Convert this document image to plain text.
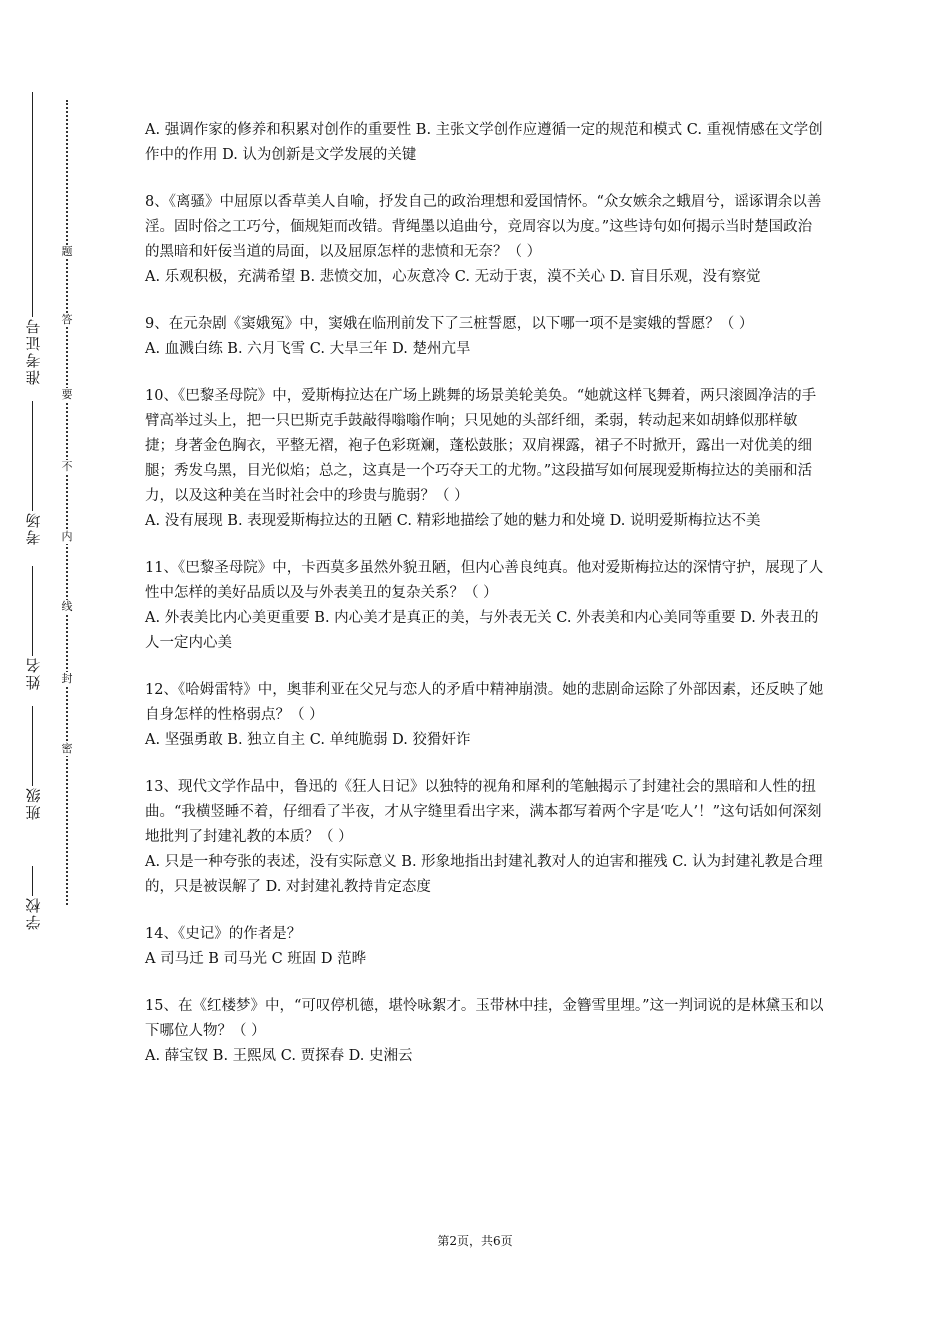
学校
班级
姓名
考场
准考证号
题
答
要
不
内
线
封
密

A. 强调作家的修养和积累对创作的重要性 B. 主张文学创作应遵循一定的规范和模式 C. 重视情感在文学创作中的作用 D. 认为创新是文学发展的关键

8、《离骚》中屈原以香草美人自喻，抒发自己的政治理想和爱国情怀。“众女嫉余之蛾眉兮，谣诼谓余以善淫。固时俗之工巧兮，偭规矩而改错。背绳墨以追曲兮，竞周容以为度。”这些诗句如何揭示当时楚国政治的黑暗和奸佞当道的局面，以及屈原怎样的悲愤和无奈？（ ）

A. 乐观积极，充满希望 B. 悲愤交加，心灰意冷 C. 无动于衷，漠不关心 D. 盲目乐观，没有察觉

9、在元杂剧《窦娥冤》中，窦娥在临刑前发下了三桩誓愿，以下哪一项不是窦娥的誓愿？（ ）

A. 血溅白练 B. 六月飞雪 C. 大旱三年 D. 楚州亢旱

10、《巴黎圣母院》中，爱斯梅拉达在广场上跳舞的场景美轮美奂。“她就这样飞舞着，两只滚圆净洁的手臂高举过头上，把一只巴斯克手鼓敲得嗡嗡作响；只见她的头部纤细，柔弱，转动起来如胡蜂似那样敏捷；身著金色胸衣，平整无褶，袍子色彩斑斓，蓬松鼓胀；双肩裸露，裙子不时掀开，露出一对优美的细腿；秀发乌黑，目光似焰；总之，这真是一个巧夺天工的尤物。”这段描写如何展现爱斯梅拉达的美丽和活力，以及这种美在当时社会中的珍贵与脆弱？（ ）

A. 没有展现 B. 表现爱斯梅拉达的丑陋 C. 精彩地描绘了她的魅力和处境 D. 说明爱斯梅拉达不美

11、《巴黎圣母院》中，卡西莫多虽然外貌丑陋，但内心善良纯真。他对爱斯梅拉达的深情守护，展现了人性中怎样的美好品质以及与外表美丑的复杂关系？（ ）

A. 外表美比内心美更重要 B. 内心美才是真正的美，与外表无关 C. 外表美和内心美同等重要 D. 外表丑的人一定内心美

12、《哈姆雷特》中，奥菲利亚在父兄与恋人的矛盾中精神崩溃。她的悲剧命运除了外部因素，还反映了她自身怎样的性格弱点？（ ）

A. 坚强勇敢 B. 独立自主 C. 单纯脆弱 D. 狡猾奸诈

13、现代文学作品中，鲁迅的《狂人日记》以独特的视角和犀利的笔触揭示了封建社会的黑暗和人性的扭曲。“我横竖睡不着，仔细看了半夜，才从字缝里看出字来，满本都写着两个字是‘吃人’！”这句话如何深刻地批判了封建礼教的本质？（ ）

A. 只是一种夸张的表述，没有实际意义 B. 形象地指出封建礼教对人的迫害和摧残 C. 认为封建礼教是合理的，只是被误解了 D. 对封建礼教持肯定态度

14、《史记》的作者是？

A 司马迁 B 司马光 C 班固 D 范晔

15、在《红楼梦》中，“可叹停机德，堪怜咏絮才。玉带林中挂，金簪雪里埋。”这一判词说的是林黛玉和以下哪位人物？（ ）

A. 薛宝钗 B. 王熙凤 C. 贾探春 D. 史湘云

第2页，共6页
